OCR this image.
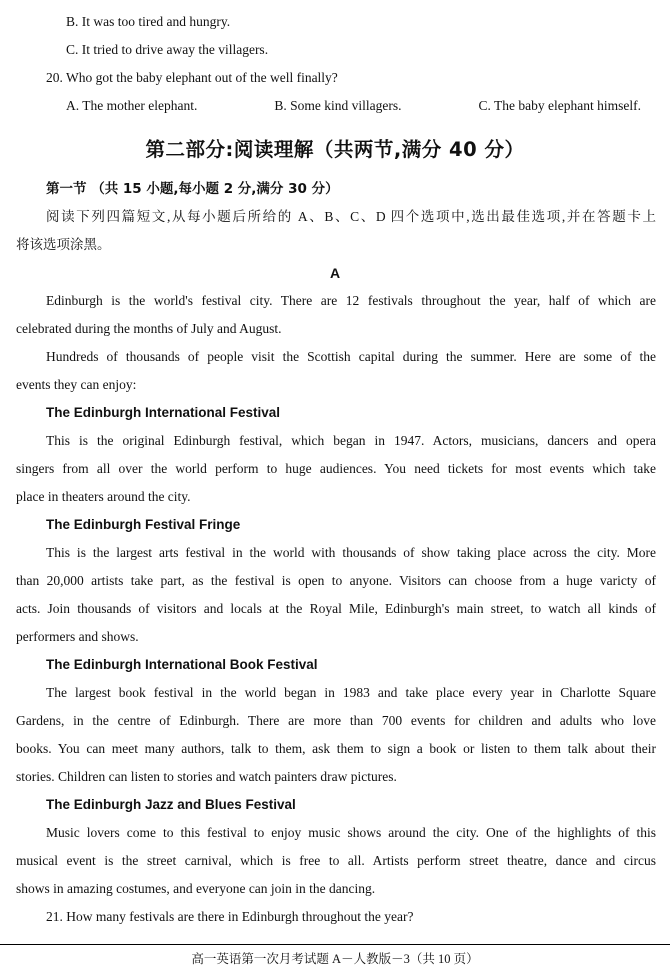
B. It was too tired and hungry.
C. It tried to drive away the villagers.
20. Who got the baby elephant out of the well finally?
A. The mother elephant.	B. Some kind villagers.	C. The baby elephant himself.
第二部分:阅读理解（共两节,满分 40 分）
第一节 （共 15 小题,每小题 2 分,满分 30 分）
阅读下列四篇短文,从每小题后所给的 A、B、C、D 四个选项中,选出最佳选项,并在答题卡上
将该选项涂黑。
A
Edinburgh is the world's festival city. There are 12 festivals throughout the year, half of which are
celebrated during the months of July and August.
Hundreds of thousands of people visit the Scottish capital during the summer. Here are some of the
events they can enjoy:
The Edinburgh International Festival
This is the original Edinburgh festival, which began in 1947. Actors, musicians, dancers and opera
singers from all over the world perform to huge audiences. You need tickets for most events which take
place in theaters around the city.
The Edinburgh Festival Fringe
This is the largest arts festival in the world with thousands of show taking place across the city. More
than 20,000 artists take part, as the festival is open to anyone. Visitors can choose from a huge varicty of
acts. Join thousands of visitors and locals at the Royal Mile, Edinburgh's main street, to watch all kinds of
performers and shows.
The Edinburgh International Book Festival
The largest book festival in the world began in 1983 and take place every year in Charlotte Square
Gardens, in the centre of Edinburgh. There are more than 700 events for children and adults who love
books. You can meet many authors, talk to them, ask them to sign a book or listen to them talk about their
stories. Children can listen to stories and watch painters draw pictures.
The Edinburgh Jazz and Blues Festival
Music lovers come to this festival to enjoy music shows around the city. One of the highlights of this
musical event is the street carnival, which is free to all. Artists perform street theatre, dance and circus
shows in amazing costumes, and everyone can join in the dancing.
21. How many festivals are there in Edinburgh throughout the year?
高一英语第一次月考试题 A－人教版－3（共 10 页）
